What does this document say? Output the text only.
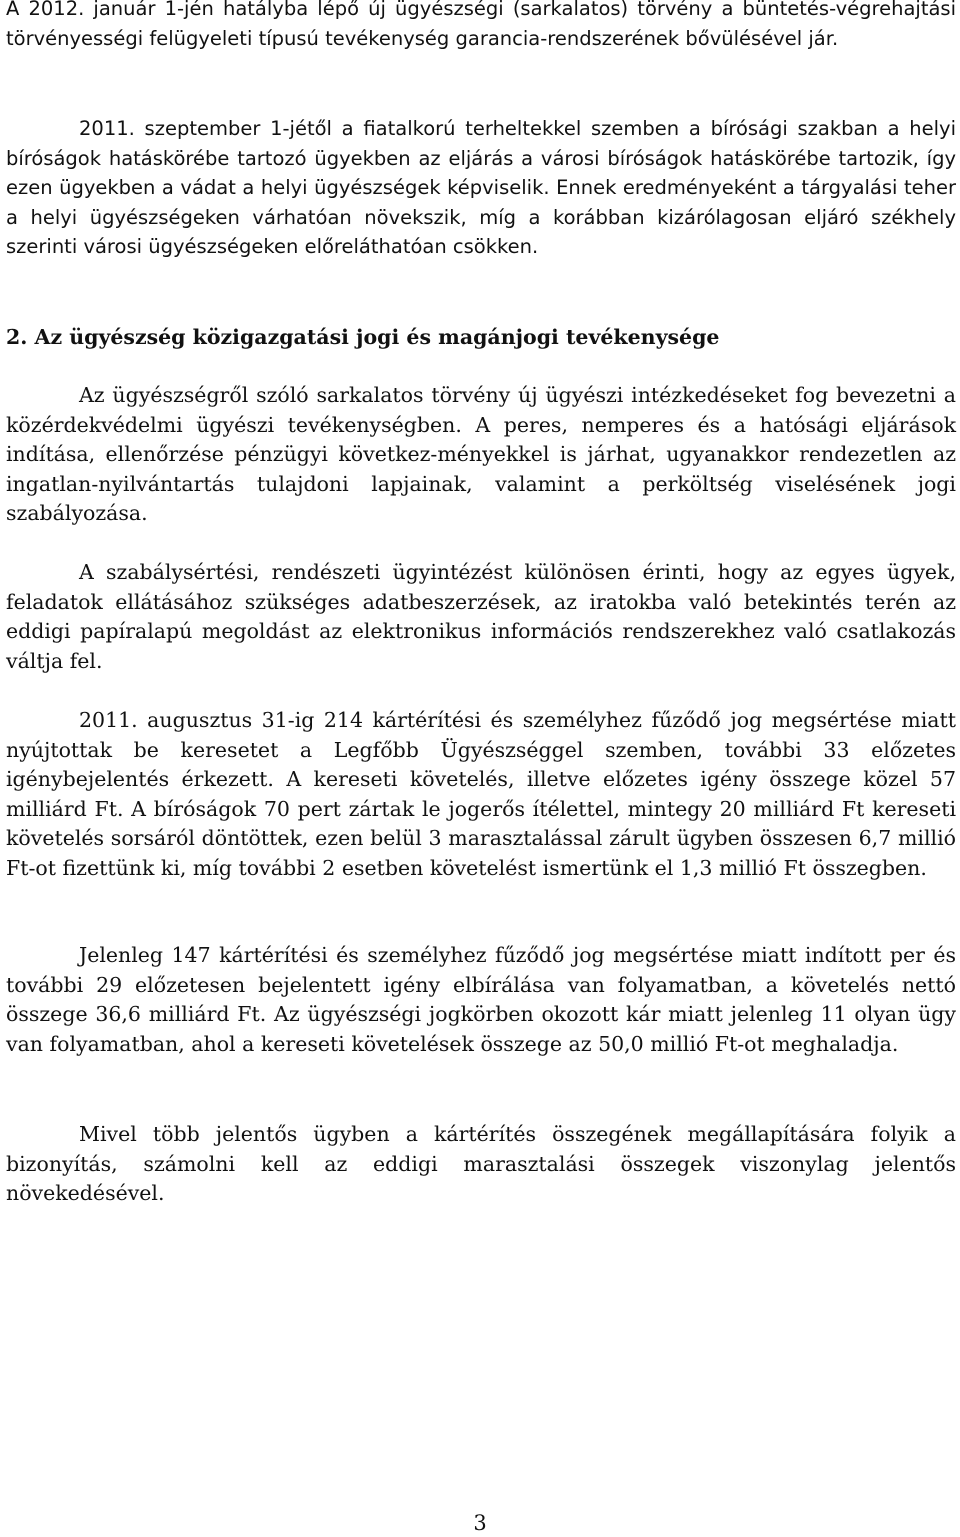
A 2012. január 1-jén hatályba lépő új ügyészségi (sarkalatos) törvény a büntetés-végrehajtási törvényességi felügyeleti típusú tevékenység garancia-rendszerének bővülésével jár.

2011. szeptember 1-jétől a fiatalkorú terheltekkel szemben a bírósági szakban a helyi bíróságok hatáskörébe tartozó ügyekben az eljárás a városi bíróságok hatáskörébe tartozik, így ezen ügyekben a vádat a helyi ügyészségek képviselik. Ennek eredményeként a tárgyalási teher a helyi ügyészségeken várhatóan növekszik, míg a korábban kizárólagosan eljáró székhely szerinti városi ügyészségeken előreláthatóan csökken.

2. Az ügyészség közigazgatási jogi és magánjogi tevékenysége

Az ügyészségről szóló sarkalatos törvény új ügyészi intézkedéseket fog bevezetni a közérdekvédelmi ügyészi tevékenységben. A peres, nemperes és a hatósági eljárások indítása, ellenőrzése pénzügyi következ-ményekkel is járhat, ugyanakkor rendezetlen az ingatlan-nyilvántartás tulajdoni lapjainak, valamint a perköltség viselésének jogi szabályozása.

A szabálysértési, rendészeti ügyintézést különösen érinti, hogy az egyes ügyek, feladatok ellátásához szükséges adatbeszerzések, az iratokba való betekintés terén az eddigi papíralapú megoldást az elektronikus információs rendszerekhez való csatlakozás váltja fel.

2011. augusztus 31-ig 214 kártérítési és személyhez fűződő jog megsértése miatt nyújtottak be keresetet a Legfőbb Ügyészséggel szemben, további 33 előzetes igénybejelentés érkezett. A kereseti követelés, illetve előzetes igény összege közel 57 milliárd Ft. A bíróságok 70 pert zártak le jogerős ítélettel, mintegy 20 milliárd Ft kereseti követelés sorsáról döntöttek, ezen belül 3 marasztalással zárult ügyben összesen 6,7 millió Ft-ot fizettünk ki, míg további 2 esetben követelést ismertünk el 1,3 millió Ft összegben.

Jelenleg 147 kártérítési és személyhez fűződő jog megsértése miatt indított per és további 29 előzetesen bejelentett igény elbírálása van folyamatban, a követelés nettó összege 36,6 milliárd Ft. Az ügyészségi jogkörben okozott kár miatt jelenleg 11 olyan ügy van folyamatban, ahol a kereseti követelések összege az 50,0 millió Ft-ot meghaladja.

Mivel több jelentős ügyben a kártérítés összegének megállapítására folyik a bizonyítás, számolni kell az eddigi marasztalási összegek viszonylag jelentős növekedésével.

3
